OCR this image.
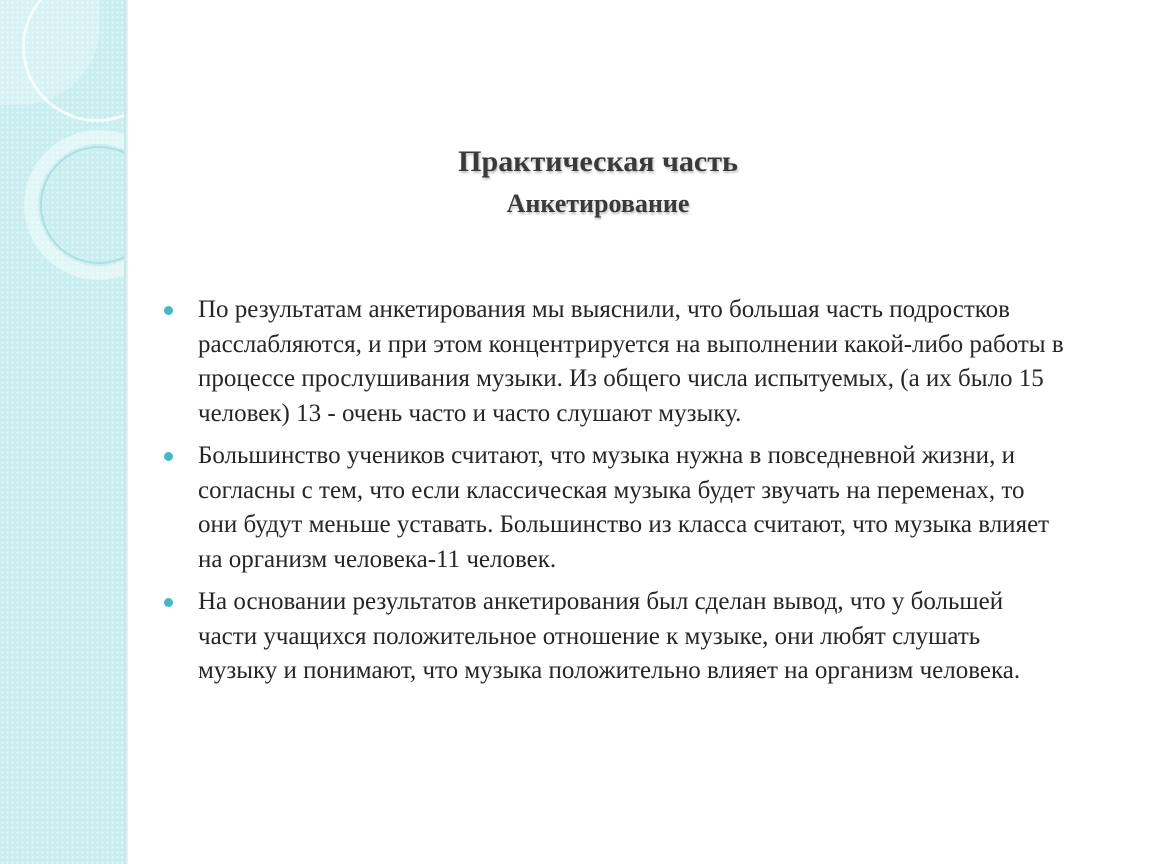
Практическая часть
Анкетирование
По результатам анкетирования мы выяснили, что большая часть подростков расслабляются, и при этом концентрируется на выполнении какой-либо работы в процессе прослушивания музыки. Из общего числа испытуемых, (а их было 15 человек) 13 - очень часто и часто слушают музыку.
Большинство учеников считают, что музыка нужна в повседневной жизни, и согласны с тем, что если классическая музыка будет звучать на переменах, то они будут меньше уставать. Большинство из класса считают, что музыка влияет на организм человека-11 человек.
На основании результатов анкетирования был сделан вывод, что у большей части учащихся положительное отношение к музыке, они любят слушать музыку и понимают, что музыка положительно влияет на организм человека.
